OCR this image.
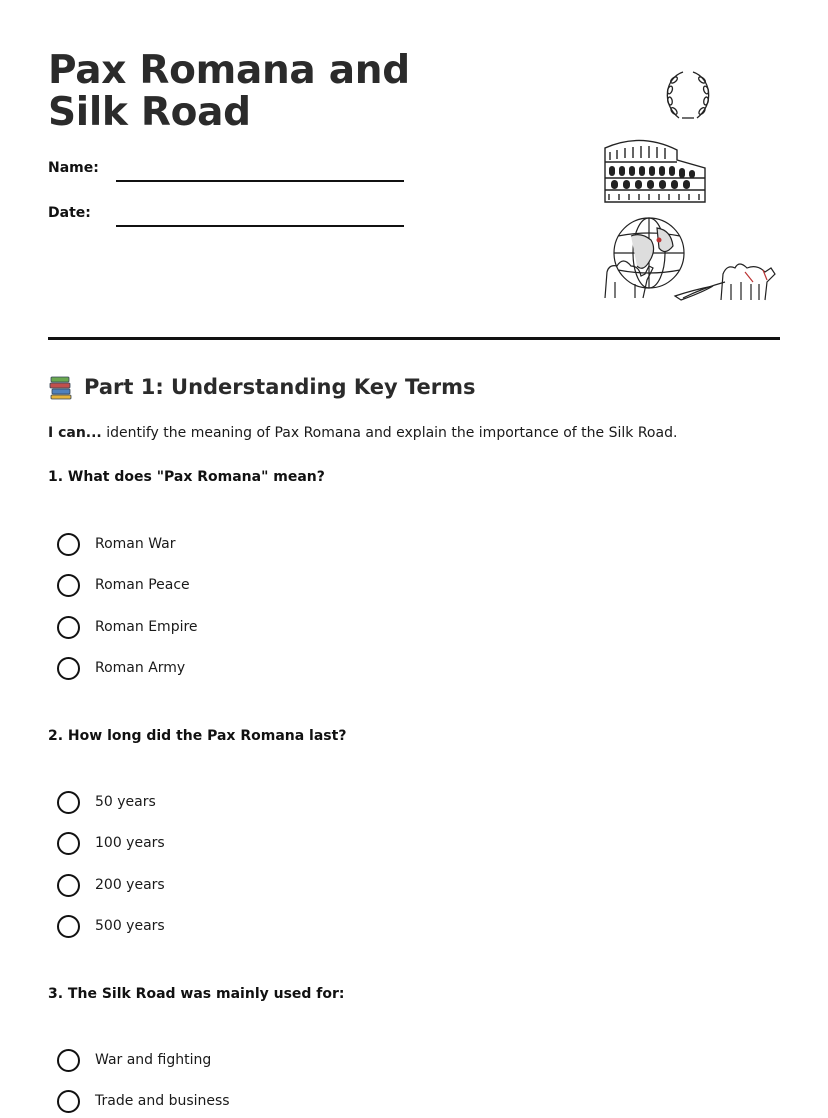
Pax Romana and Silk Road
Name:
Date:
Part 1: Understanding Key Terms

I can... identify the meaning of Pax Romana and explain the importance of the Silk Road.

1. What does "Pax Romana" mean?

Roman War
Roman Peace
Roman Empire
Roman Army

2. How long did the Pax Romana last?

50 years
100 years
200 years
500 years

3. The Silk Road was mainly used for:

War and fighting
Trade and business
